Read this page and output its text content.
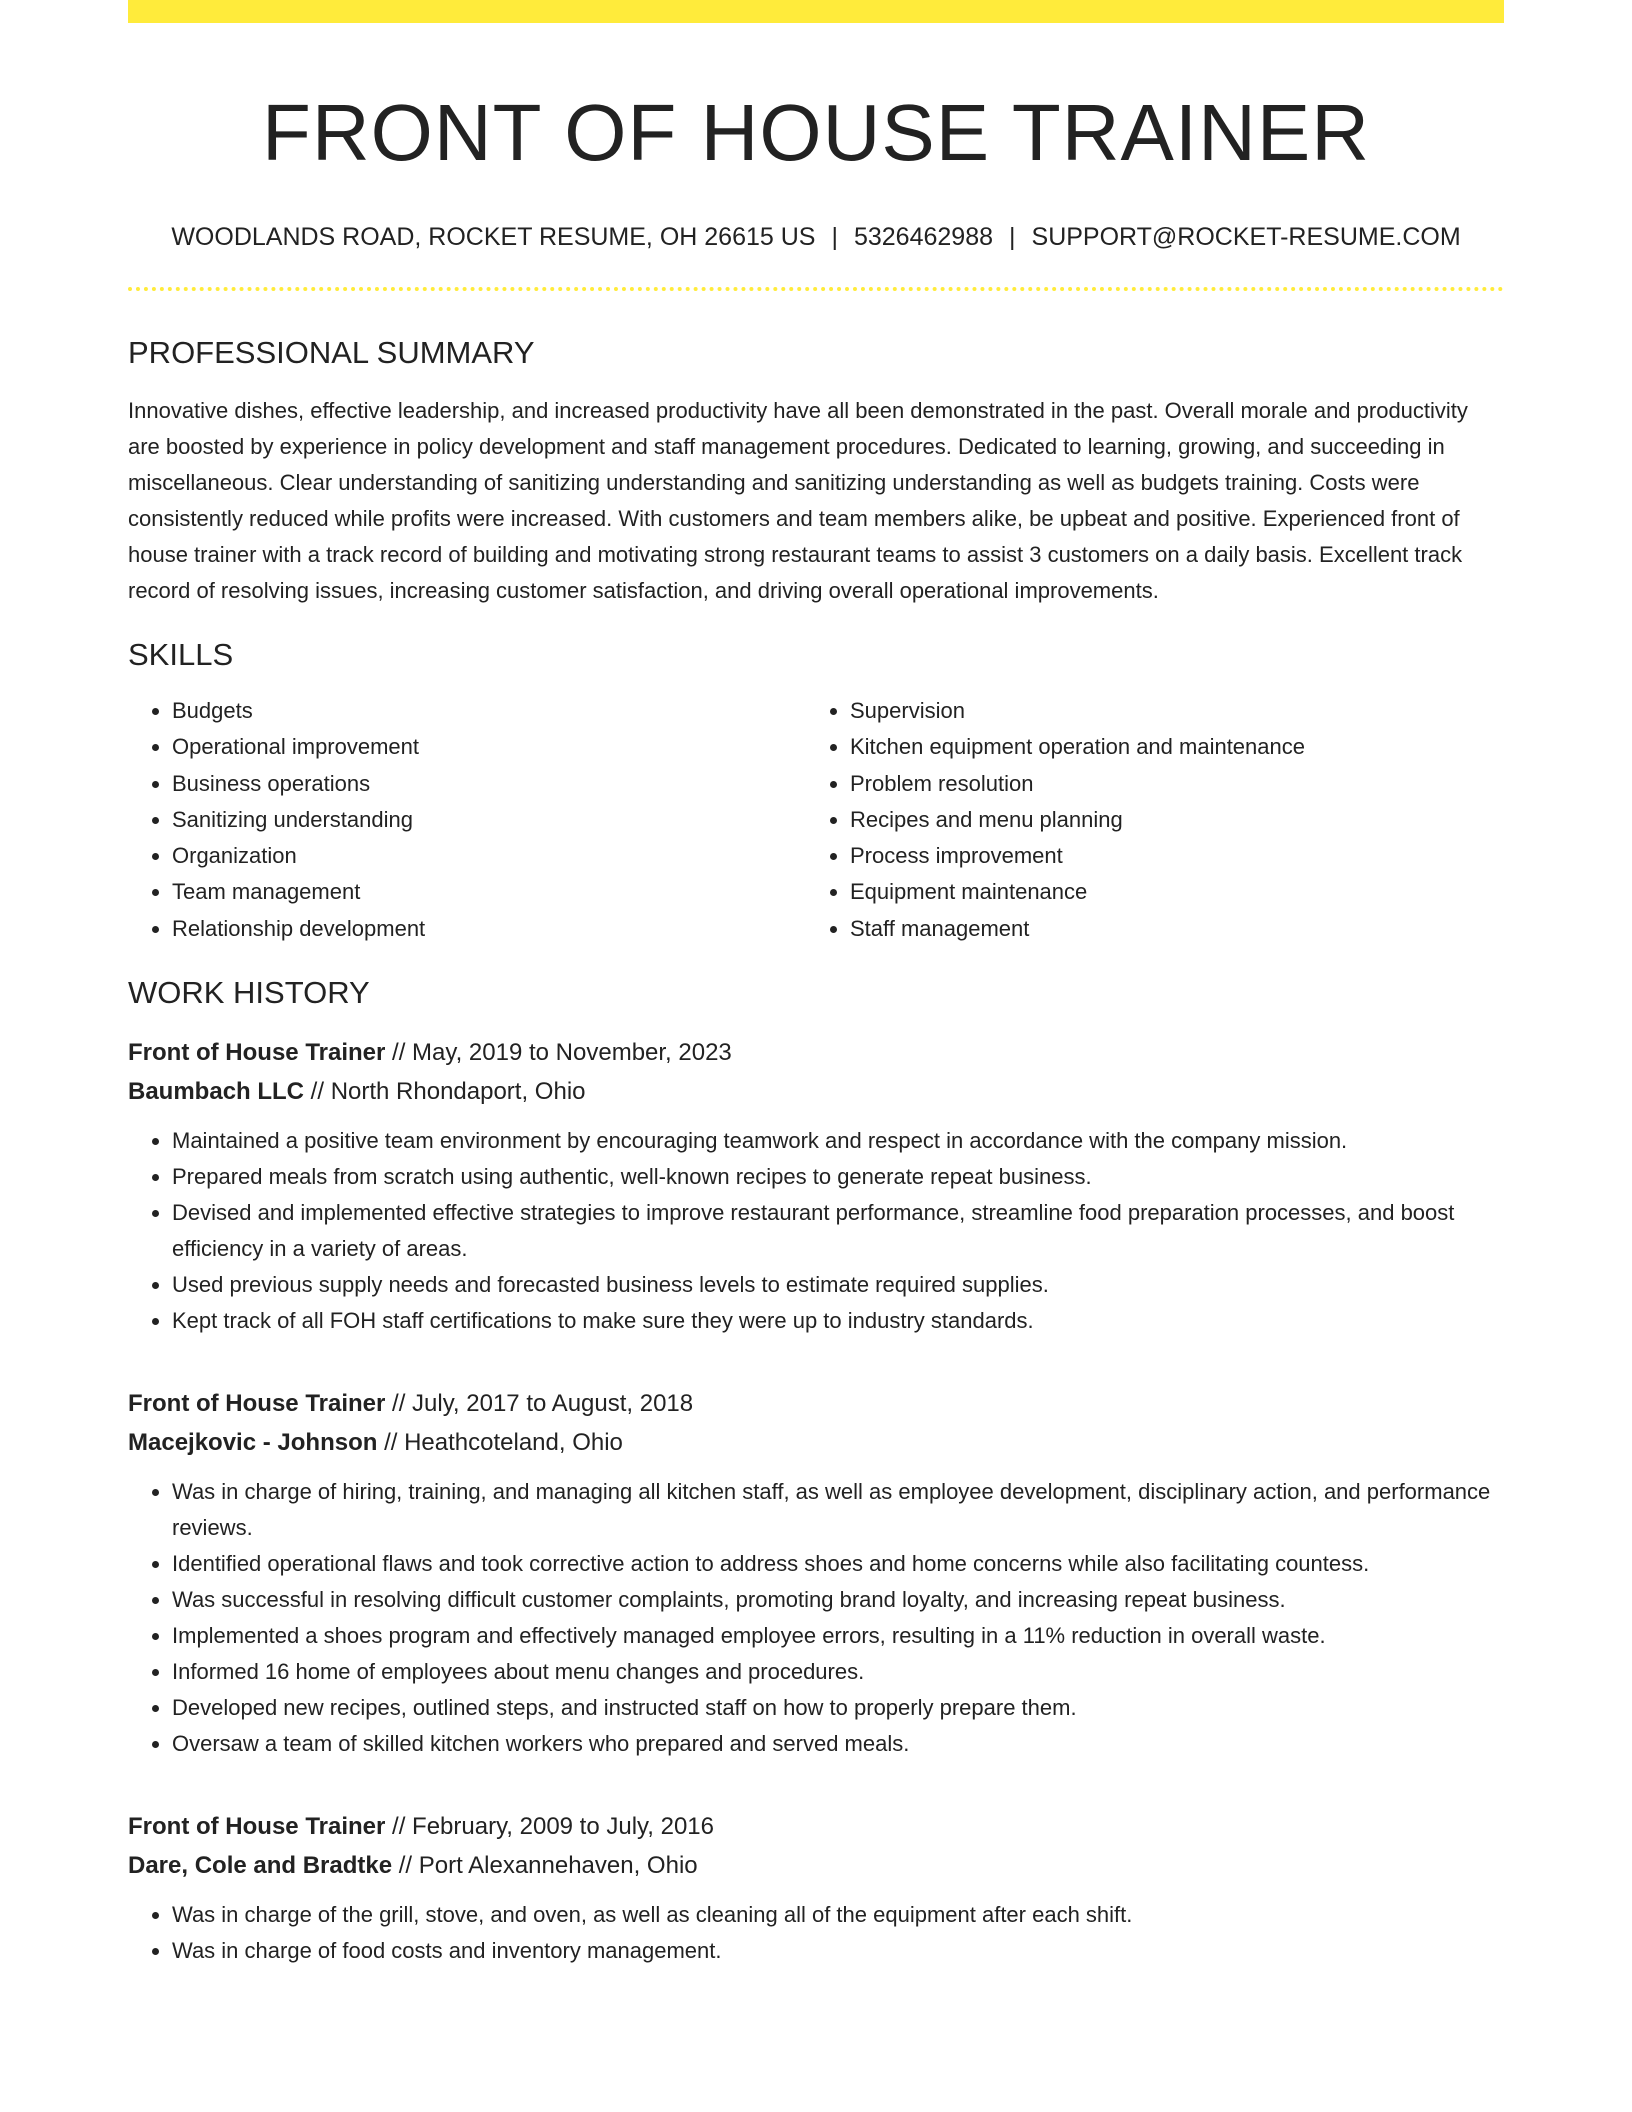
FRONT OF HOUSE TRAINER
WOODLANDS ROAD, ROCKET RESUME, OH 26615 US | 5326462988 | SUPPORT@ROCKET-RESUME.COM
PROFESSIONAL SUMMARY

Innovative dishes, effective leadership, and increased productivity have all been demonstrated in the past. Overall morale and productivity are boosted by experience in policy development and staff management procedures. Dedicated to learning, growing, and succeeding in miscellaneous. Clear understanding of sanitizing understanding and sanitizing understanding as well as budgets training. Costs were consistently reduced while profits were increased. With customers and team members alike, be upbeat and positive. Experienced front of house trainer with a track record of building and motivating strong restaurant teams to assist 3 customers on a daily basis. Excellent track record of resolving issues, increasing customer satisfaction, and driving overall operational improvements.

SKILLS
• Budgets
• Operational improvement
• Business operations
• Sanitizing understanding
• Organization
• Team management
• Relationship development
• Supervision
• Kitchen equipment operation and maintenance
• Problem resolution
• Recipes and menu planning
• Process improvement
• Equipment maintenance
• Staff management
WORK HISTORY
Front of House Trainer // May, 2019 to November, 2023
Baumbach LLC // North Rhondaport, Ohio
• Maintained a positive team environment by encouraging teamwork and respect in accordance with the company mission.
• Prepared meals from scratch using authentic, well-known recipes to generate repeat business.
• Devised and implemented effective strategies to improve restaurant performance, streamline food preparation processes, and boost efficiency in a variety of areas.
• Used previous supply needs and forecasted business levels to estimate required supplies.
• Kept track of all FOH staff certifications to make sure they were up to industry standards.
Front of House Trainer // July, 2017 to August, 2018
Macejkovic - Johnson // Heathcoteland, Ohio
• Was in charge of hiring, training, and managing all kitchen staff, as well as employee development, disciplinary action, and performance reviews.
• Identified operational flaws and took corrective action to address shoes and home concerns while also facilitating countess.
• Was successful in resolving difficult customer complaints, promoting brand loyalty, and increasing repeat business.
• Implemented a shoes program and effectively managed employee errors, resulting in a 11% reduction in overall waste.
• Informed 16 home of employees about menu changes and procedures.
• Developed new recipes, outlined steps, and instructed staff on how to properly prepare them.
• Oversaw a team of skilled kitchen workers who prepared and served meals.
Front of House Trainer // February, 2009 to July, 2016
Dare, Cole and Bradtke // Port Alexannehaven, Ohio
• Was in charge of the grill, stove, and oven, as well as cleaning all of the equipment after each shift.
• Was in charge of food costs and inventory management.
